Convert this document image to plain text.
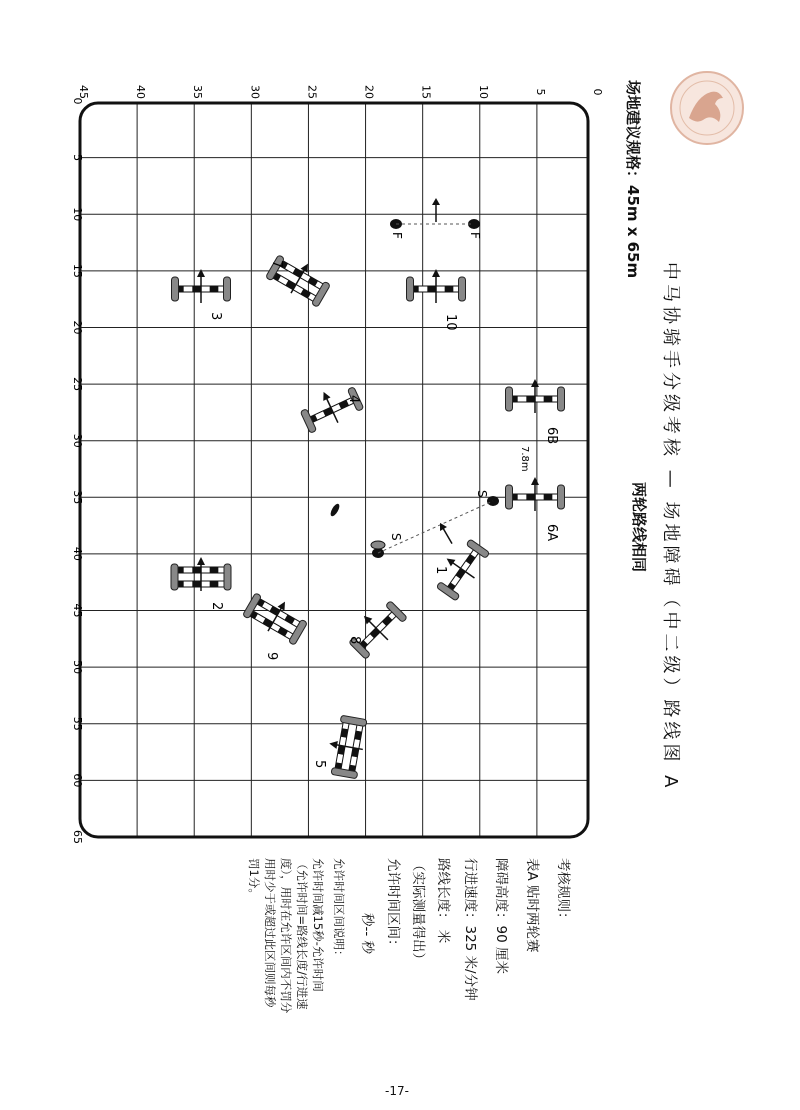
中马协骑手分级考核 — 场地障碍（中二级）路线图 A
两轮路线相同
场地建议规格：45m x 65m
考核规则：
表A 贴时两轮赛
障碍高度：90 厘米
行进速度：325 米/分钟
路线长度： 米
（实际测量得出）
允许时间区间：
秒-- 秒
允许时间区间说明：
允许时间减15秒-允许时间
（允许时间=路线长度/行进速
度），用时在允许区间内不罚分
用时少于或超过此区间则每秒
罚1分。
0
5
10
15
20
25
30
35
40
45
50
55
60
65
0
5
10
15
20
25
30
35
40
45
1
2
3
4
5
6A
6B
7
8
9
10
F	F
S
S
7.8m
-17-
